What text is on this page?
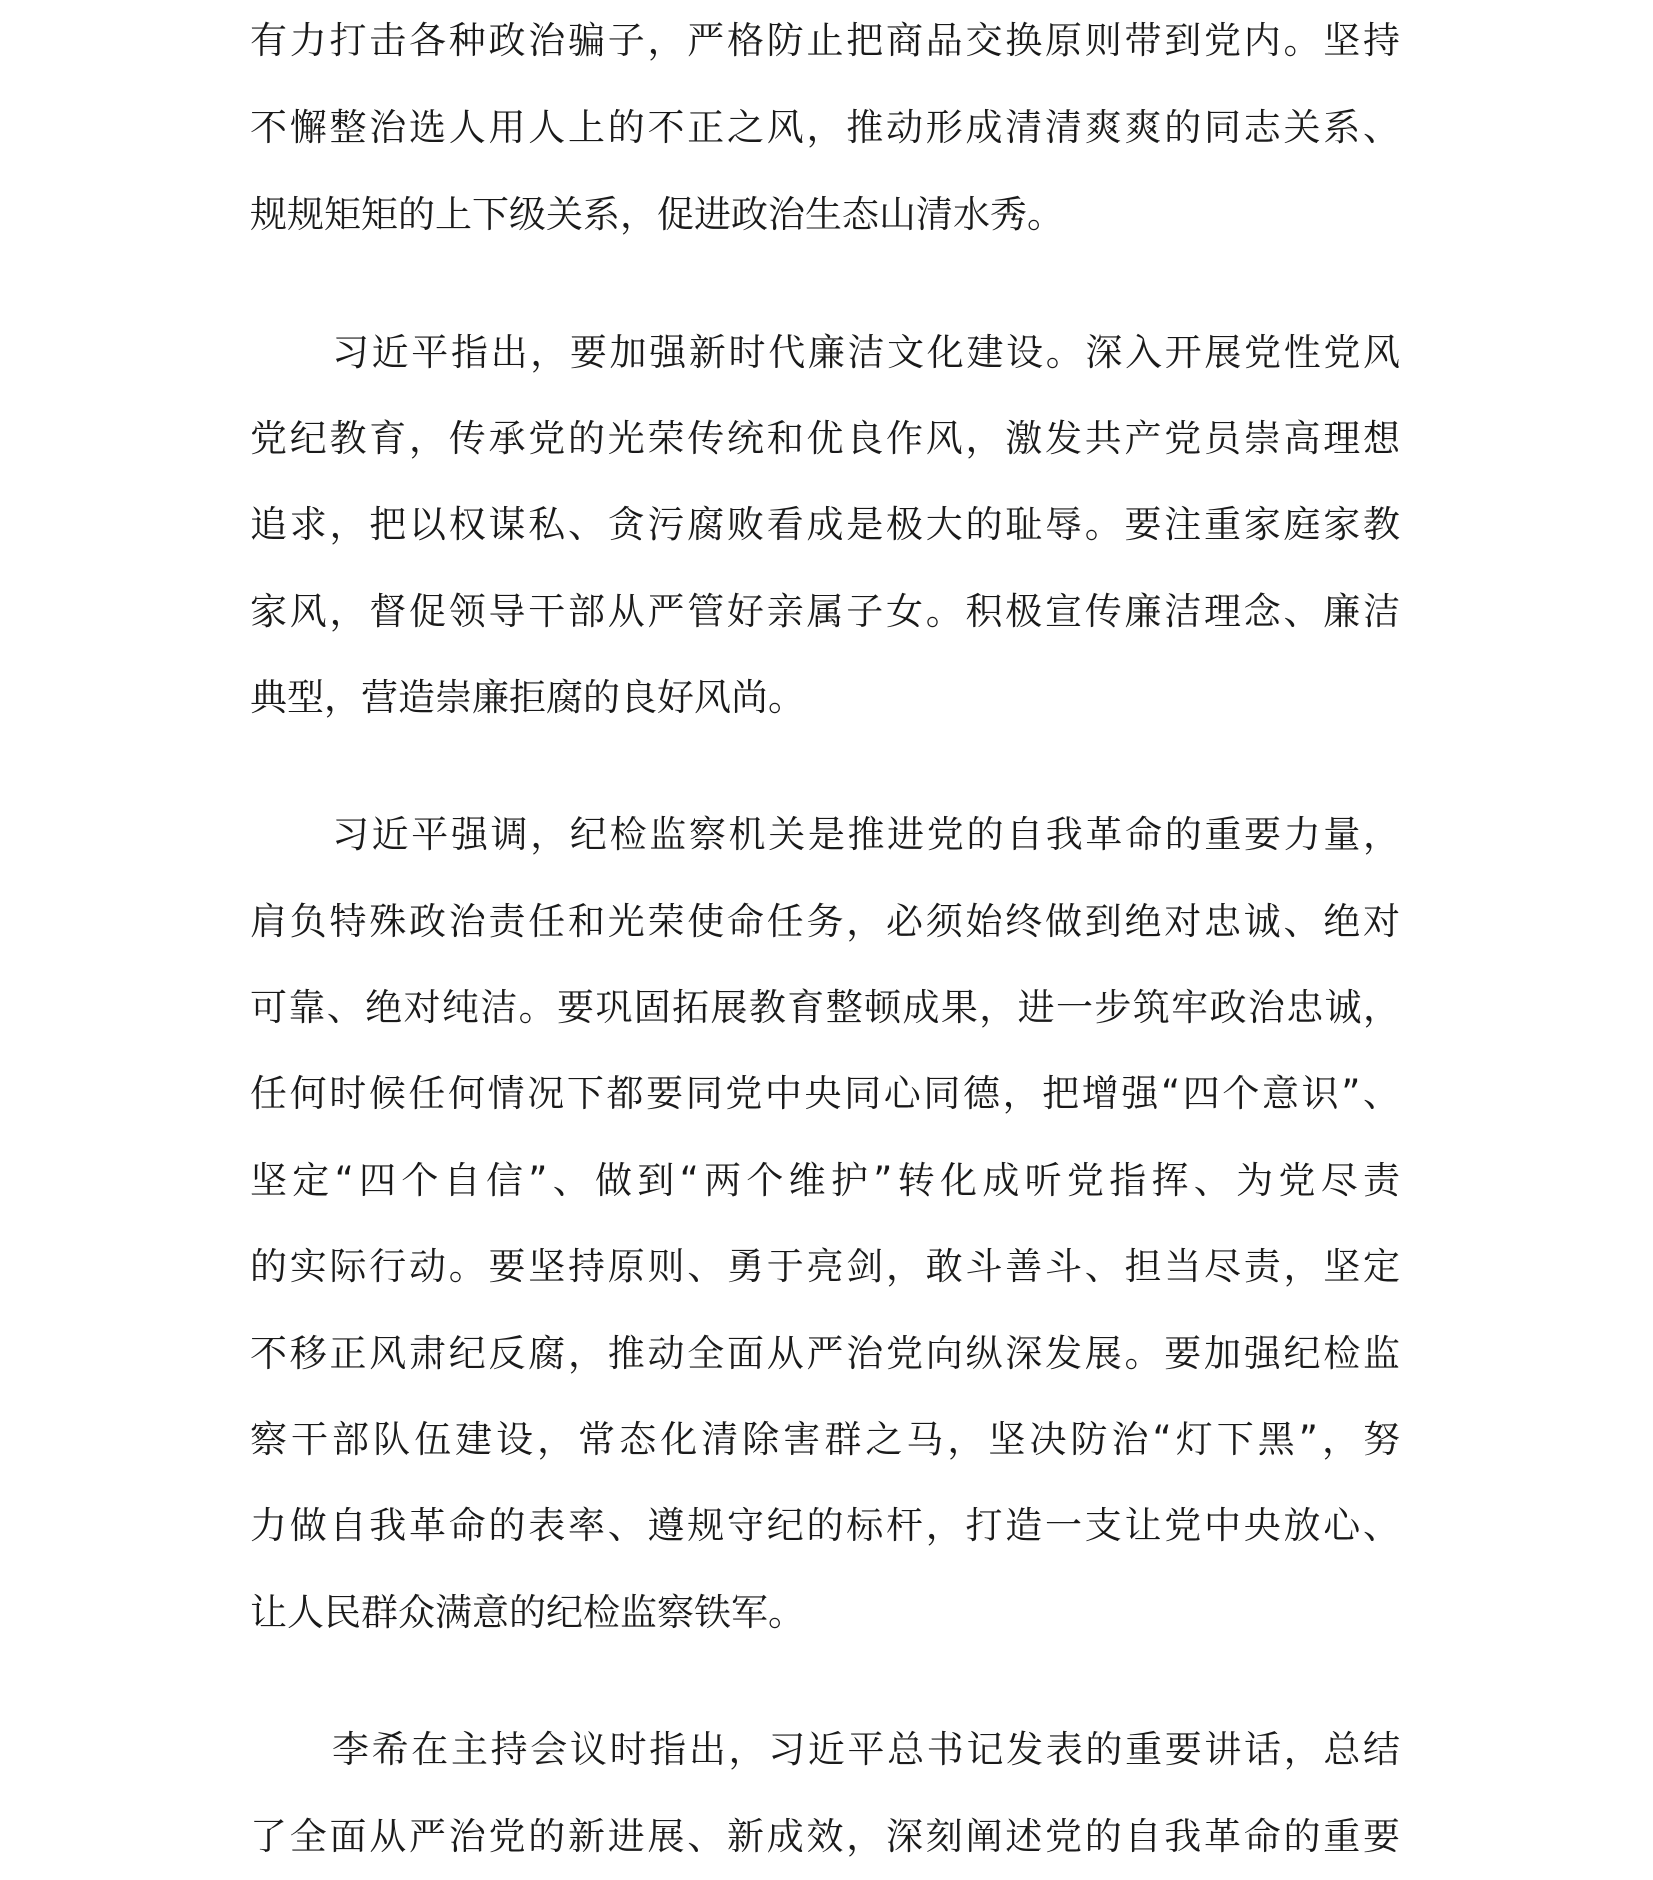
有力打击各种政治骗子，严格防止把商品交换原则带到党内。坚持
不懈整治选人用人上的不正之风，推动形成清清爽爽的同志关系、
规规矩矩的上下级关系，促进政治生态山清水秀。
习近平指出，要加强新时代廉洁文化建设。深入开展党性党风
党纪教育，传承党的光荣传统和优良作风，激发共产党员崇高理想
追求，把以权谋私、贪污腐败看成是极大的耻辱。要注重家庭家教
家风，督促领导干部从严管好亲属子女。积极宣传廉洁理念、廉洁
典型，营造崇廉拒腐的良好风尚。
习近平强调，纪检监察机关是推进党的自我革命的重要力量，
肩负特殊政治责任和光荣使命任务，必须始终做到绝对忠诚、绝对
可靠、绝对纯洁。要巩固拓展教育整顿成果，进一步筑牢政治忠诚，
任何时候任何情况下都要同党中央同心同德，把增强“四个意识”、
坚定“四个自信”、做到“两个维护”转化成听党指挥、为党尽责
的实际行动。要坚持原则、勇于亮剑，敢斗善斗、担当尽责，坚定
不移正风肃纪反腐，推动全面从严治党向纵深发展。要加强纪检监
察干部队伍建设，常态化清除害群之马，坚决防治“灯下黑”，努
力做自我革命的表率、遵规守纪的标杆，打造一支让党中央放心、
让人民群众满意的纪检监察铁军。
李希在主持会议时指出，习近平总书记发表的重要讲话，总结
了全面从严治党的新进展、新成效，深刻阐述党的自我革命的重要
